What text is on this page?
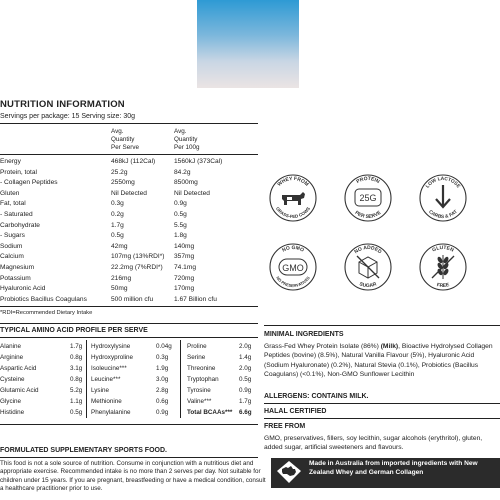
NUTRITION INFORMATION
Servings per package: 15 Serving size: 30g
Avg.
Quantity
Per Serve
Avg.
Quantity
Per 100g
Energy	468kJ (112Cal)	1560kJ (373Cal)
Protein, total	25.2g	84.2g
- Collagen Peptides	2550mg	8500mg
Gluten	Nil Detected	Nil Detected
Fat, total	0.3g	0.9g
- Saturated	0.2g	0.5g
Carbohydrate	1.7g	5.5g
- Sugars	0.5g	1.8g
Sodium	42mg	140mg
Calcium	107mg (13%RDI*) 357mg
Magnesium	22.2mg (7%RDI*) 74.1mg
Potassium	216mg	720mg
Hyaluronic Acid	50mg	170mg
Probiotics Bacillus Coagulans	500 million cfu	1.67 Billion cfu
*RDI=Recommended Dietary Intake
WHEY FROM
GRASS-FED COWS
PROTEIN
PER SERVE
25G
LOW LACTOSE
CARBS & FAT
NO GMO
NO PRESERVATIVES
GMO
NO ADDED
SUGAR
GLUTEN
FREE
TYPICAL AMINO ACID PROFILE PER SERVE
Alanine	1.7g
Arginine	0.8g
Aspartic Acid	3.1g
Cysteine	0.8g
Glutamic Acid	5.2g
Glycine	1.1g
Histidine	0.5g
Hydroxylysine	0.04g
Hydroxyproline	0.3g
Isoleucine***	1.9g
Leucine***	3.0g
Lysine	2.8g
Methionine	0.6g
Phenylalanine	0.9g
Proline	2.0g
Serine	1.4g
Threonine	2.0g
Tryptophan	0.5g
Tyrosine	0.9g
Valine***	1.7g
Total BCAAs*** 6.6g
MINIMAL INGREDIENTS
Grass-Fed Whey Protein Isolate (86%) (Milk), Bioactive Hydrolysed Collagen Peptides (bovine) (8.5%), Natural Vanilla Flavour (5%), Hyaluronic Acid (Sodium Hyaluronate) (0.2%), Natural Stevia (0.1%), Probiotics (Bacillus Coagulans) (<0.1%), Non-GMO Sunflower Lecithin
ALLERGENS: CONTAINS MILK.
HALAL CERTIFIED
FREE FROM
GMO, preservatives, fillers, soy lecithin, sugar alcohols (erythritol), gluten, added sugar, artificial sweeteners and flavours.
FORMULATED SUPPLEMENTARY SPORTS FOOD.
This food is not a sole source of nutrition. Consume in conjunction with a nutritious diet and appropriate exercise. Recommended intake is no more than 2 serves per day. Not suitable for children under 15 years. If you are pregnant, breastfeeding or have a medical condition, consult a healthcare practitioner prior to use.
Made in Australia from imported ingredients with New Zealand Whey and German Collagen
